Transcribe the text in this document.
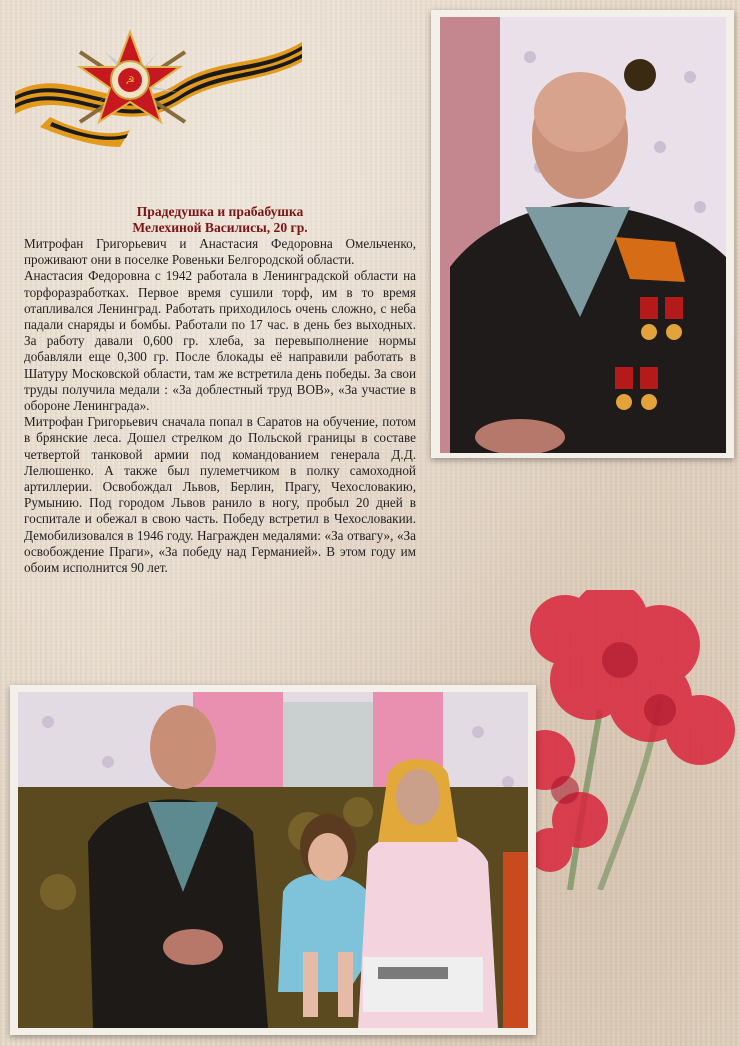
☭
Прадедушка и прабабушка
Мелехиной Василисы, 20 гр.

Митрофан Григорьевич и Анастасия Федоровна Омельченко, проживают они в поселке Ровеньки Белгородской области.

Анастасия Федоровна с 1942 работала в Ленинградской области на торфоразработках. Первое время сушили торф, им в то время отапливался Ленинград. Работать приходилось очень сложно, с неба падали снаряды и бомбы. Работали по 17 час. в день без выходных. За работу давали 0,600 гр. хлеба, за перевыполнение нормы добавляли еще 0,300 гр. После блокады её направили работать в Шатуру Московской области, там же встретила день победы. За свои труды получила медали : «За доблестный труд ВОВ», «За участие в обороне Ленинграда».

Митрофан Григорьевич сначала попал в Саратов на обучение, потом в брянские леса. Дошел стрелком до Польской границы в составе четвертой танковой армии под командованием генерала Д.Д. Лелюшенко. А также был пулеметчиком в полку самоходной артиллерии. Освобождал Львов, Берлин, Прагу, Чехословакию, Румынию. Под городом Львов ранило в ногу, пробыл 20 дней в госпитале и обежал в свою часть. Победу встретил в Чехословакии. Демобилизовался в 1946 году. Награжден медалями: «За отвагу», «За освобождение Праги», «За победу над Германией». В этом году им обоим исполнится 90 лет.
